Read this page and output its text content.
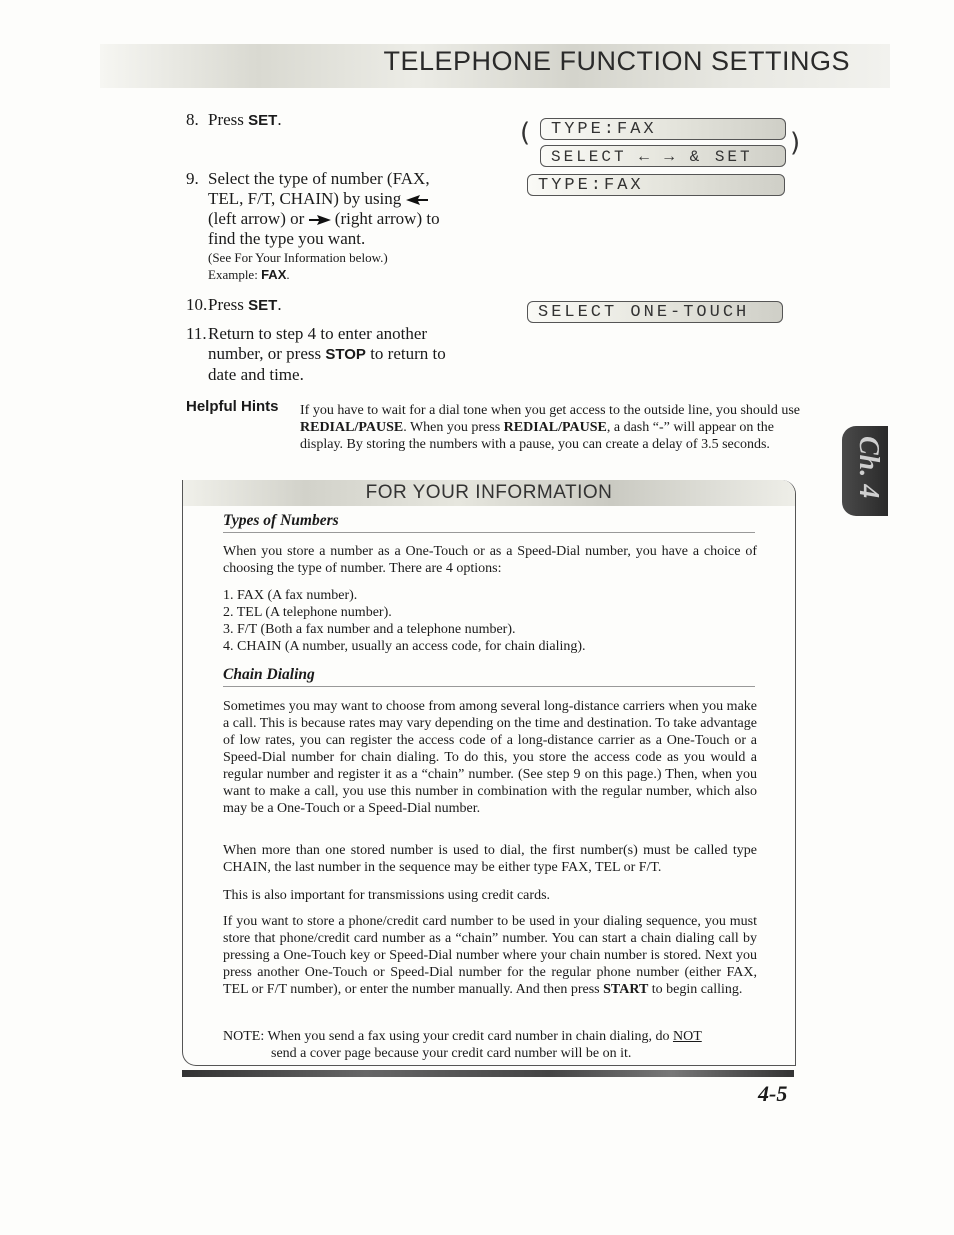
TELEPHONE FUNCTION SETTINGS
8. Press SET.
9. Select the type of number (FAX,
TEL, F/T, CHAIN) by using
(left arrow) or (right arrow) to
find the type you want.
(See For Your Information below.)
Example: FAX.
10.Press SET.
11.Return to step 4 to enter another
number, or press STOP to return to
date and time.
(	TYPE:FAX
SELECT ← → & SET	)
TYPE:FAX
SELECT ONE-TOUCH
Helpful Hints If you have to wait for a dial tone when you get access to the outside line, you should use REDIAL/PAUSE. When you press REDIAL/PAUSE, a dash “-” will appear on the display. By storing the numbers with a pause, you can create a delay of 3.5 seconds.
FOR YOUR INFORMATION
Types of Numbers
When you store a number as a One-Touch or as a Speed-Dial number, you have a choice of choosing the type of number. There are 4 options:
1. FAX (A fax number).
2. TEL (A telephone number).
3. F/T (Both a fax number and a telephone number).
4. CHAIN (A number, usually an access code, for chain dialing).
Chain Dialing
Sometimes you may want to choose from among several long-distance carriers when you make a call. This is because rates may vary depending on the time and destination. To take advantage of low rates, you can register the access code of a long-distance carrier as a One-Touch or a Speed-Dial number for chain dialing. To do this, you store the access code as you would a regular number and register it as a “chain” number. (See step 9 on this page.) Then, when you want to make a call, you use this number in combination with the regular number, which also may be a One-Touch or a Speed-Dial number.
When more than one stored number is used to dial, the first number(s) must be called type CHAIN, the last number in the sequence may be either type FAX, TEL or F/T.
This is also important for transmissions using credit cards.
If you want to store a phone/credit card number to be used in your dialing sequence, you must store that phone/credit card number as a “chain” number. You can start a chain dialing call by pressing a One-Touch key or Speed-Dial number where your chain number is stored. Next you press another One-Touch or Speed-Dial number for the regular phone number (either FAX, TEL or F/T number), or enter the number manually. And then press START to begin calling.
NOTE: When you send a fax using your credit card number in chain dialing, do NOT
send a cover page because your credit card number will be on it.
4-5
Ch. 4
